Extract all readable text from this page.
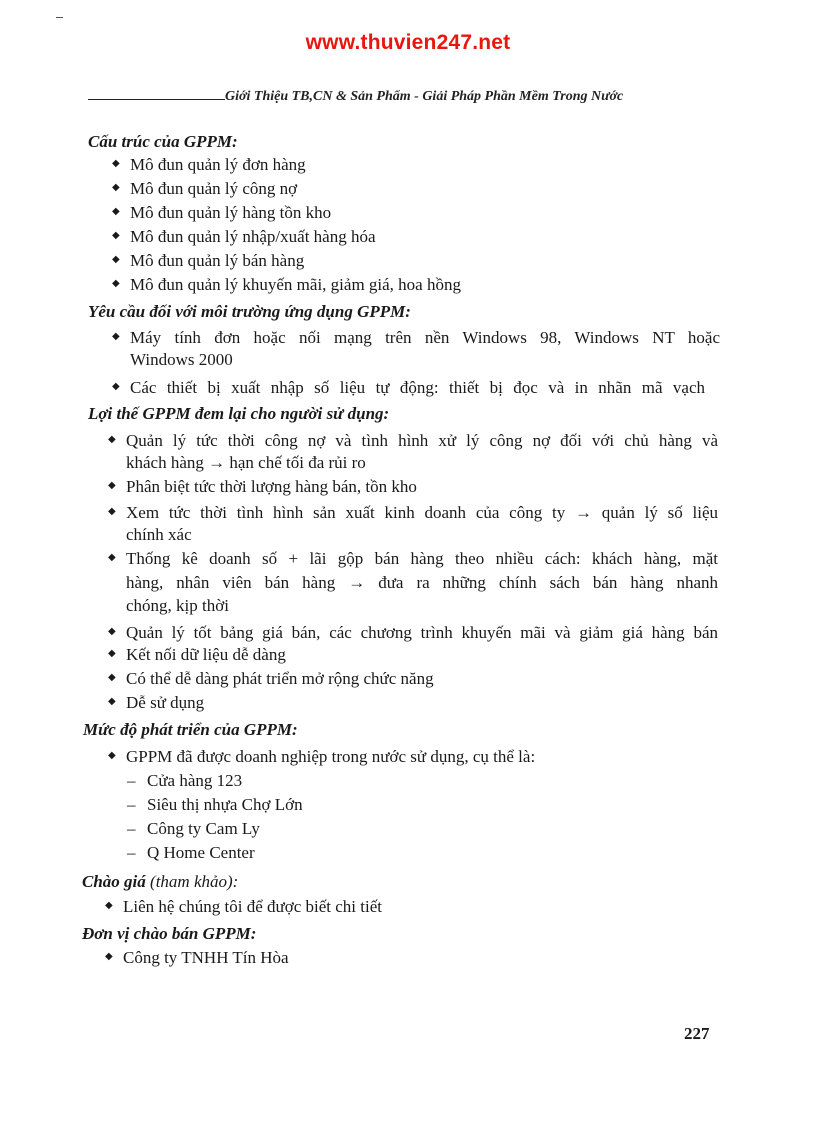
www.thuvien247.net
Giới Thiệu TB,CN & Sản Phẩm - Giải Pháp Phần Mềm Trong Nước
Cấu trúc của GPPM:
◆ Mô đun quản lý đơn hàng
◆ Mô đun quản lý công nợ
◆ Mô đun quản lý hàng tồn kho
◆ Mô đun quản lý nhập/xuất hàng hóa
◆ Mô đun quản lý bán hàng
◆ Mô đun quản lý khuyến mãi, giảm giá, hoa hồng
Yêu cầu đối với môi trường ứng dụng GPPM:
◆ Máy tính đơn hoặc nối mạng trên nền Windows 98, Windows NT hoặc
Windows 2000
◆ Các thiết bị xuất nhập số liệu tự động: thiết bị đọc và in nhãn mã vạch
Lợi thế GPPM đem lại cho người sử dụng:
◆ Quản lý tức thời công nợ và tình hình xử lý công nợ đối với chủ hàng và
khách hàng → hạn chế tối đa rủi ro
◆ Phân biệt tức thời lượng hàng bán, tồn kho
◆ Xem tức thời tình hình sản xuất kinh doanh của công ty → quản lý số liệu
chính xác
◆ Thống kê doanh số + lãi gộp bán hàng theo nhiều cách: khách hàng, mặt
hàng, nhân viên bán hàng → đưa ra những chính sách bán hàng nhanh
chóng, kịp thời
◆ Quản lý tốt bảng giá bán, các chương trình khuyến mãi và giảm giá hàng bán
◆ Kết nối dữ liệu dễ dàng
◆ Có thể dễ dàng phát triển mở rộng chức năng
◆ Dễ sử dụng
Mức độ phát triển của GPPM:
◆ GPPM đã được doanh nghiệp trong nước sử dụng, cụ thể là:
– Cửa hàng 123
– Siêu thị nhựa Chợ Lớn
– Công ty Cam Ly
– Q Home Center
Chào giá (tham khảo):
◆ Liên hệ chúng tôi để được biết chi tiết
Đơn vị chào bán GPPM:
◆ Công ty TNHH Tín Hòa
227
